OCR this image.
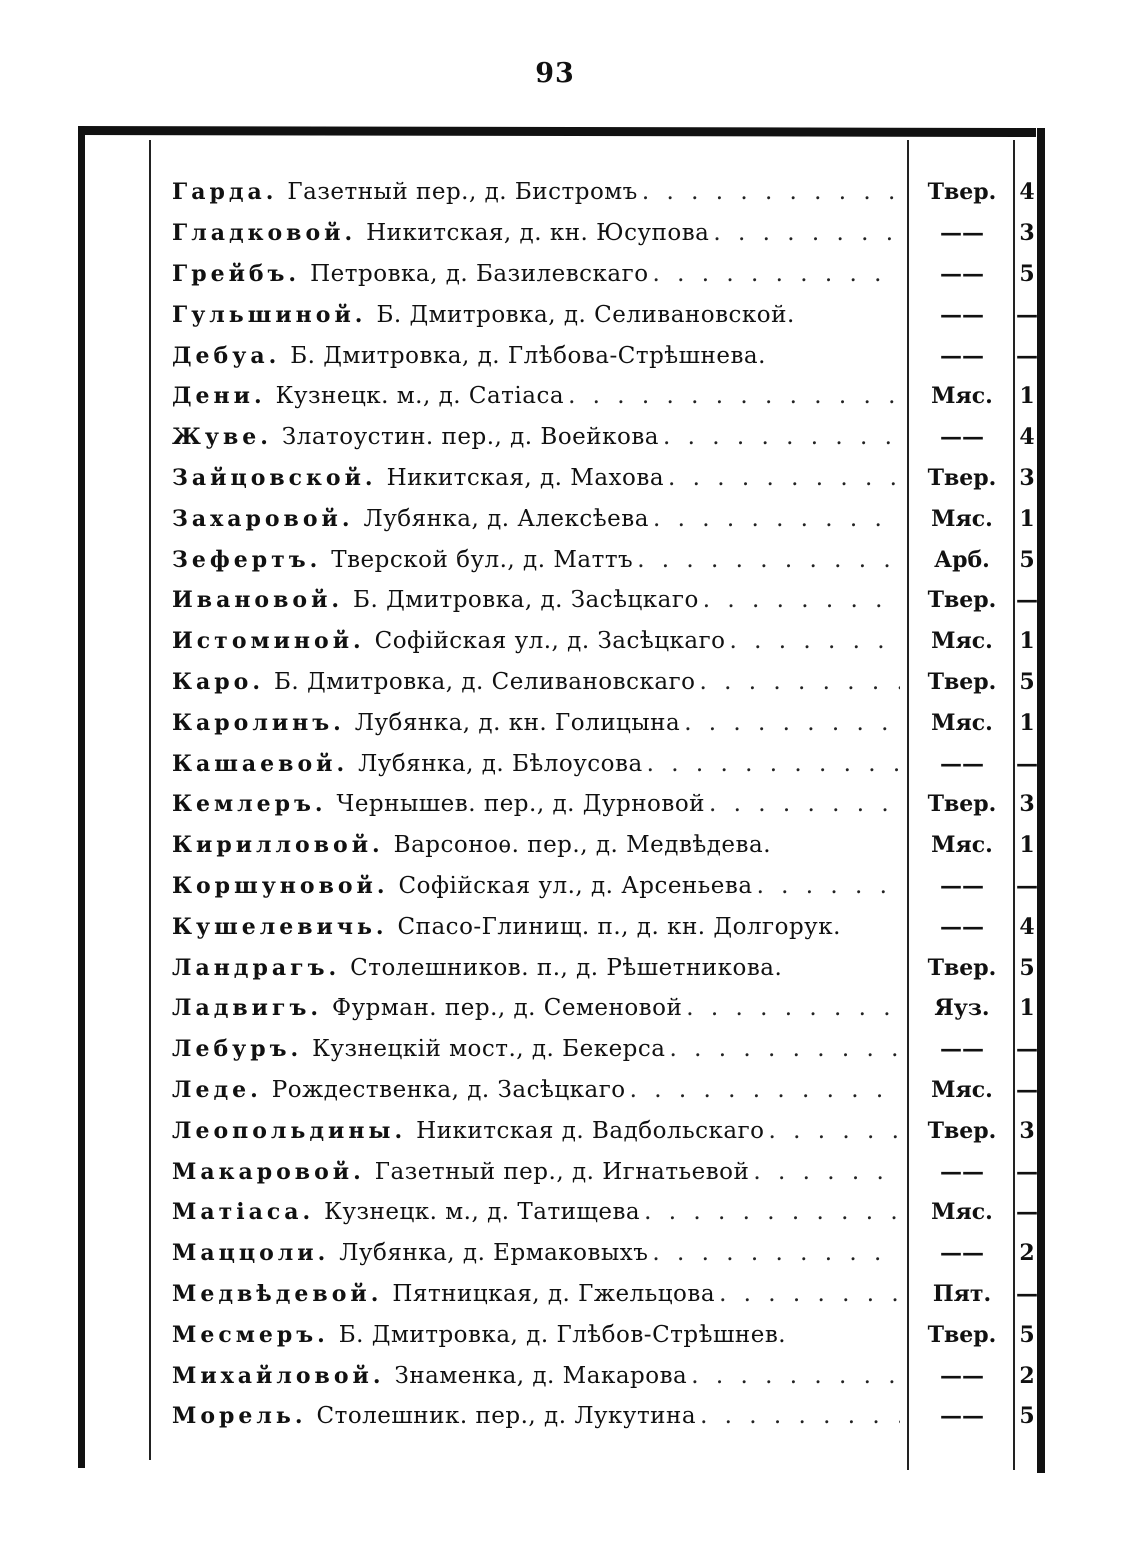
93
Гарда. Газетный пер., д. Бистромъ . . .	Твер.	4
Гладковой. Никитская, д. кн. Юсупова . . .	——	3
Грейбъ. Петровка, д. Базилевскаго . . .	——	5
Гульшиной. Б. Дмитровка, д. Селивановской.	——	—
Дебуа. Б. Дмитровка, д. Глѣбова-Стрѣшнева.	——	—
Дени. Кузнецк. м., д. Сатіаса . . .	Мяс.	1
Жуве. Златоустин. пер., д. Воейкова . . .	——	4
Зайцовской. Никитская, д. Махова . . .	Твер.	3
Захаровой. Лубянка, д. Алексѣева . . .	Мяс.	1
Зефертъ. Тверской бул., д. Маттъ . . .	Арб.	5
Ивановой. Б. Дмитровка, д. Засѣцкаго . . .	Твер. —
Истоминой. Софійская ул., д. Засѣцкаго . . .	Мяс.	1
Каро. Б. Дмитровка, д. Селивановскаго . . .	Твер.	5
Каролинъ. Лубянка, д. кн. Голицына . . .	Мяс.	1
Кашаевой. Лубянка, д. Бѣлоусова . . .	——	—
Кемлеръ. Чернышев. пер., д. Дурновой . . .	Твер.	3
Кирилловой. Варсоноѳ. пер., д. Медвѣдева.	Мяс.	1
Коршуновой. Софійская ул., д. Арсеньева . . .	——	—
Кушелевичь. Спасо-Глинищ. п., д. кн. Долгорук.	——	4
Ландрагъ. Столешников. п., д. Рѣшетникова.	Твер.	5
Ладвигъ. Фурман. пер., д. Семеновой . . .	Яуз.	1
Лебуръ. Кузнецкій мост., д. Бекерса . . .	——	—
Леде. Рождественка, д. Засѣцкаго . . .	Мяс.	—
Леопольдины. Никитская д. Вадбольскаго . . .	Твер.	3
Макаровой. Газетный пер., д. Игнатьевой . . .	——	—
Матіаса. Кузнецк. м., д. Татищева . . .	Мяс.	—
Маццоли. Лубянка, д. Ермаковыхъ . . .	——	2
Медвѣдевой. Пятницкая, д. Гжельцова . . .	Пят.	—
Месмеръ. Б. Дмитровка, д. Глѣбов-Стрѣшнев.	Твер.	5
Михайловой. Знаменка, д. Макарова . . .	——	2
Морель. Столешник. пер., д. Лукутина . . .	——	5
